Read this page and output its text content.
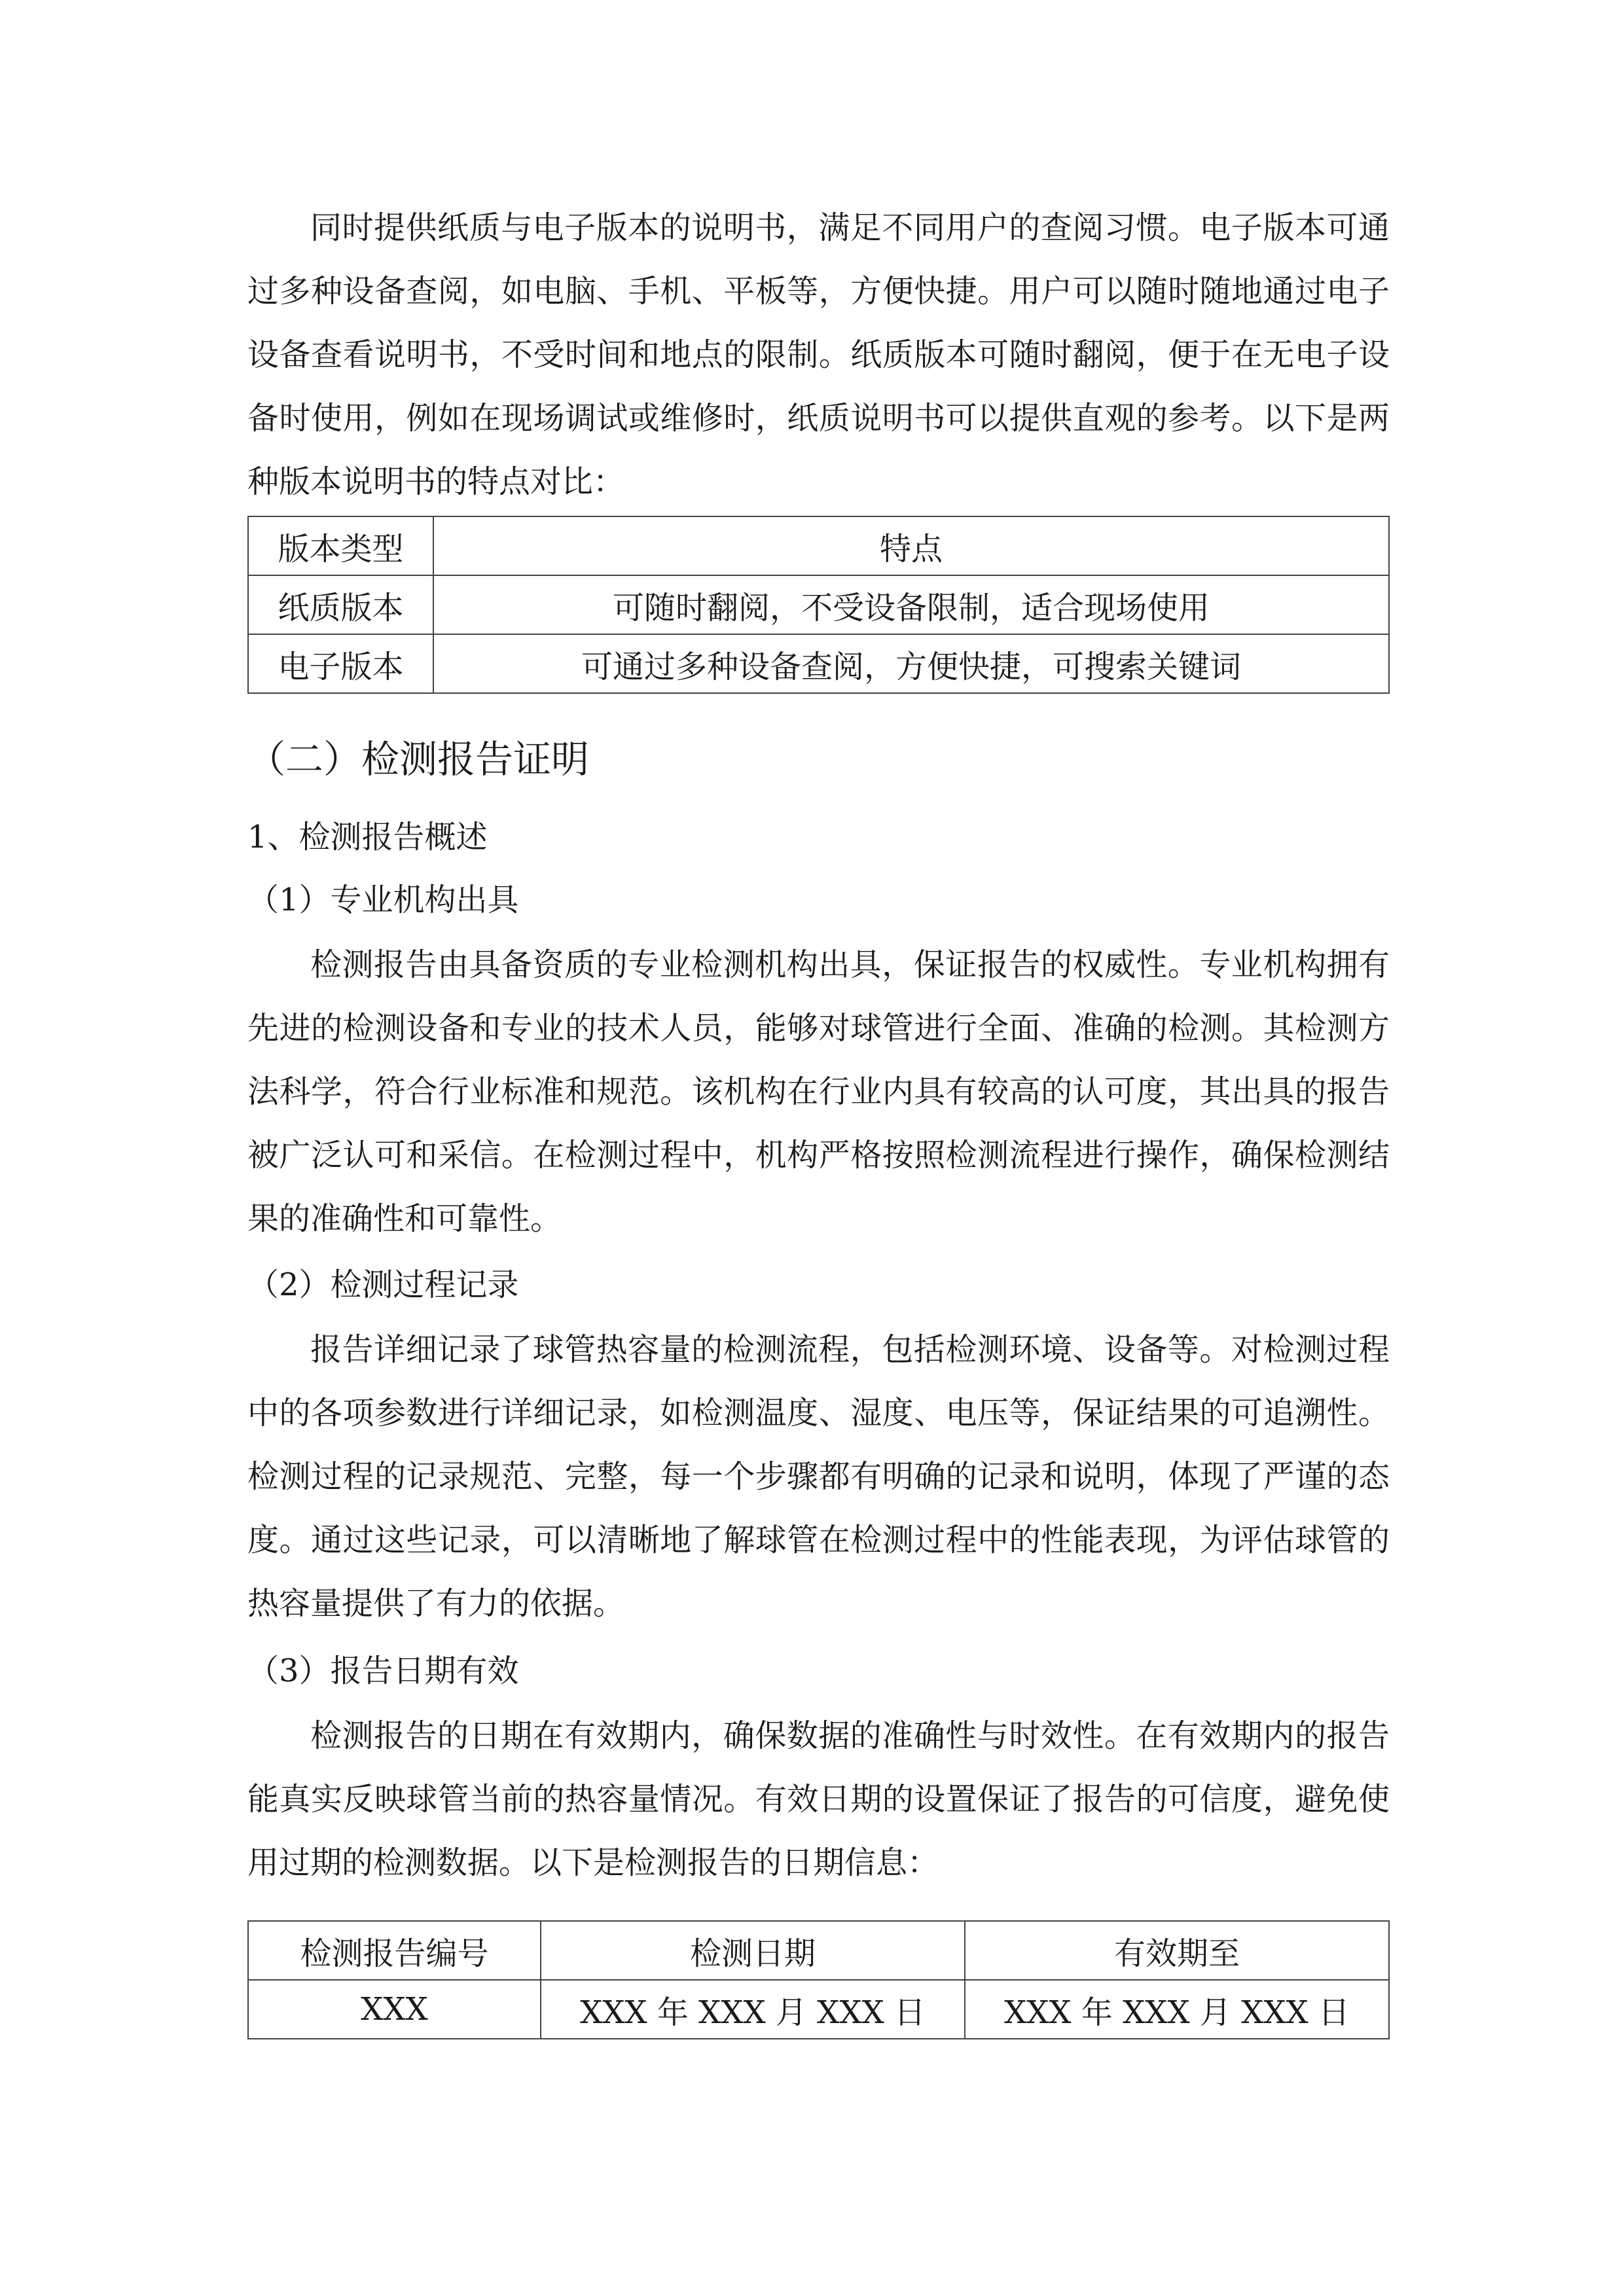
同时提供纸质与电子版本的说明书，满足不同用户的查阅习惯。电子版本可通过多种设备查阅，如电脑、手机、平板等，方便快捷。用户可以随时随地通过电子设备查看说明书，不受时间和地点的限制。纸质版本可随时翻阅，便于在无电子设备时使用，例如在现场调试或维修时，纸质说明书可以提供直观的参考。以下是两种版本说明书的特点对比：

版本类型	特点
纸质版本	可随时翻阅，不受设备限制，适合现场使用
电子版本	可通过多种设备查阅，方便快捷，可搜索关键词
（二）检测报告证明
1、检测报告概述
（1）专业机构出具

检测报告由具备资质的专业检测机构出具，保证报告的权威性。专业机构拥有先进的检测设备和专业的技术人员，能够对球管进行全面、准确的检测。其检测方法科学，符合行业标准和规范。该机构在行业内具有较高的认可度，其出具的报告被广泛认可和采信。在检测过程中，机构严格按照检测流程进行操作，确保检测结果的准确性和可靠性。

（2）检测过程记录

报告详细记录了球管热容量的检测流程，包括检测环境、设备等。对检测过程中的各项参数进行详细记录，如检测温度、湿度、电压等，保证结果的可追溯性。检测过程的记录规范、完整，每一个步骤都有明确的记录和说明，体现了严谨的态度。通过这些记录，可以清晰地了解球管在检测过程中的性能表现，为评估球管的热容量提供了有力的依据。

（3）报告日期有效

检测报告的日期在有效期内，确保数据的准确性与时效性。在有效期内的报告能真实反映球管当前的热容量情况。有效日期的设置保证了报告的可信度，避免使用过期的检测数据。以下是检测报告的日期信息：

检测报告编号	检测日期	有效期至
XXX	XXX 年 XXX 月 XXX 日	XXX 年 XXX 月 XXX 日
